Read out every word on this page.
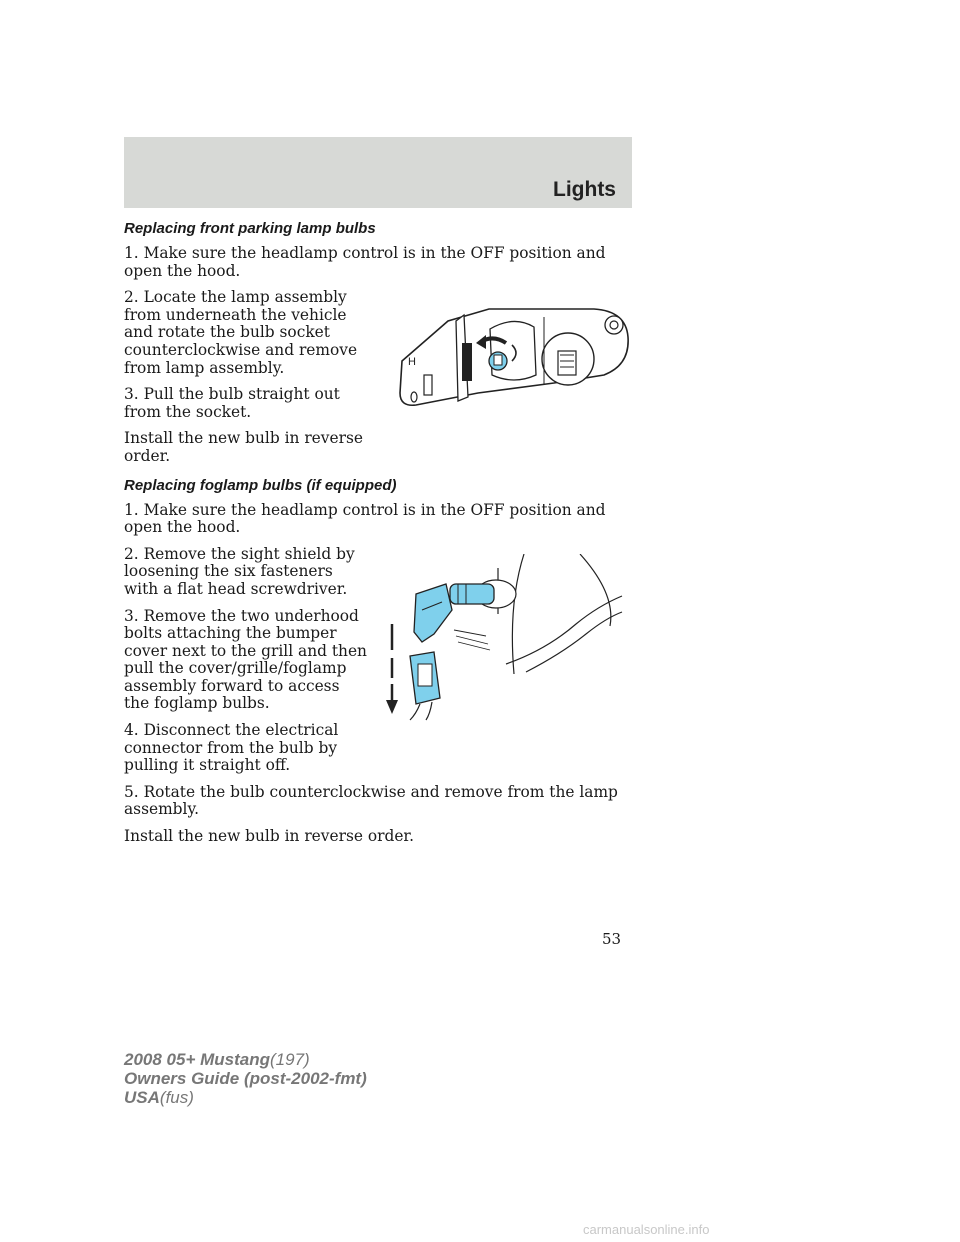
Lights
Replacing front parking lamp bulbs

1. Make sure the headlamp control is in the OFF position and open the hood.

2. Locate the lamp assembly from underneath the vehicle and rotate the bulb socket counterclockwise and remove from lamp assembly.

3. Pull the bulb straight out from the socket.

Install the new bulb in reverse order.

H
Replacing foglamp bulbs (if equipped)

1. Make sure the headlamp control is in the OFF position and open the hood.

2. Remove the sight shield by loosening the six fasteners with a flat head screwdriver.

3. Remove the two underhood bolts attaching the bumper cover next to the grill and then pull the cover/grille/foglamp assembly forward to access the foglamp bulbs.

4. Disconnect the electrical connector from the bulb by pulling it straight off.

5. Rotate the bulb counterclockwise and remove from the lamp assembly.

Install the new bulb in reverse order.

53
2008 05+ Mustang(197)
Owners Guide (post-2002-fmt)
USA(fus)
carmanualsonline.info
